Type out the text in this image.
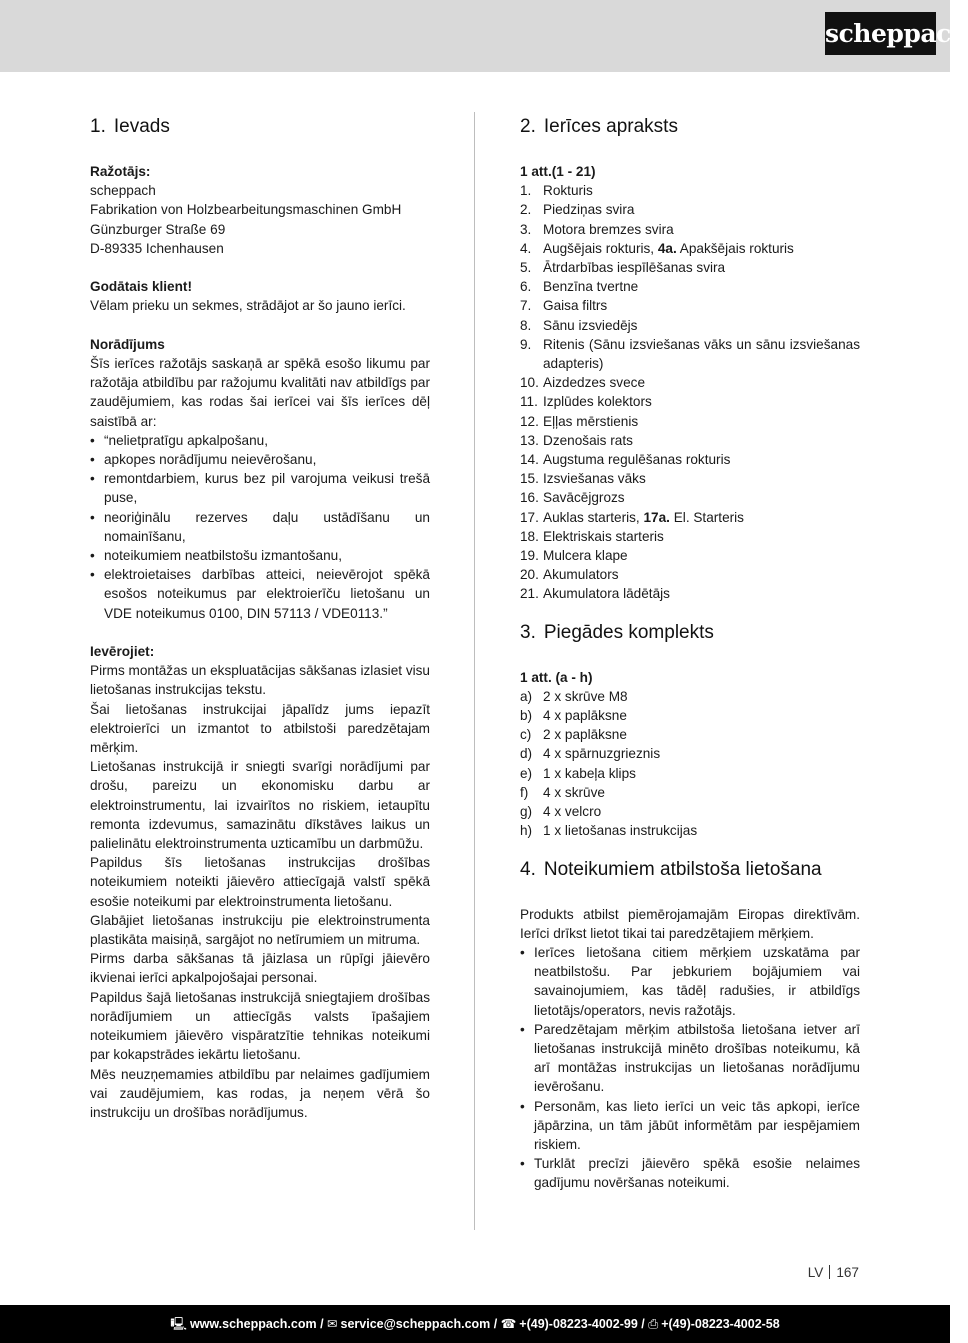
scheppach
1. Ievads

Ražotājs:

scheppach

Fabrikation von Holzbearbeitungsmaschinen GmbH

Günzburger Straße 69

D-89335 Ichenhausen

Godātais klient!

Vēlam prieku un sekmes, strādājot ar šo jauno ierīci.

Norādījums

Šīs ierīces ražotājs saskaņā ar spēkā esošo likumu par ražotāja atbildību par ražojumu kvalitāti nav atbildīgs par zaudējumiem, kas rodas šai ierīcei vai šīs ierīces dēļ saistībā ar:

• “nelietpratīgu apkalpošanu,
• apkopes norādījumu neievērošanu,
• remontdarbiem, kurus bez pil varojuma veikusi trešā puse,
• neoriģinālu rezerves daļu ustādīšanu un nomainīšanu,
• noteikumiem neatbilstošu izmantošanu,
• elektroietaises darbības atteici, neievērojot spēkā esošos noteikumus par elektroierīču lietošanu un VDE noteikumus 0100, DIN 57113 / VDE0113.”

Ievērojiet:

Pirms montāžas un ekspluatācijas sākšanas izlasiet visu lietošanas instrukcijas tekstu.

Šai lietošanas instrukcijai jāpalīdz jums iepazīt elektroierīci un izmantot to atbilstoši paredzētajam mērķim.

Lietošanas instrukcijā ir sniegti svarīgi norādījumi par drošu, pareizu un ekonomisku darbu ar elektroinstrumentu, lai izvairītos no riskiem, ietaupītu remonta izdevumus, samazinātu dīkstāves laikus un palielinātu elektroinstrumenta uzticamību un darbmūžu.

Papildus šīs lietošanas instrukcijas drošības noteikumiem noteikti jāievēro attiecīgajā valstī spēkā esošie noteikumi par elektroinstrumenta lietošanu.

Glabājiet lietošanas instrukciju pie elektroinstrumenta plastikāta maisiņā, sargājot no netīrumiem un mitruma.

Pirms darba sākšanas tā jāizlasa un rūpīgi jāievēro ikvienai ierīci apkalpojošajai personai.

Papildus šajā lietošanas instrukcijā sniegtajiem drošības norādījumiem un attiecīgās valsts īpašajiem noteikumiem jāievēro vispāratzītie tehnikas noteikumi par kokapstrādes iekārtu lietošanu.

Mēs neuzņemamies atbildību par nelaimes gadījumiem vai zaudējumiem, kas rodas, ja neņem vērā šo instrukciju un drošības norādījumus.

2. Ierīces apraksts

1 att.(1 - 21)

1. Rokturis
2. Piedziņas svira
3. Motora bremzes svira
4. Augšējais rokturis, 4a. Apakšējais rokturis
5. Ātrdarbības iespīlēšanas svira
6. Benzīna tvertne
7. Gaisa filtrs
8. Sānu izsviedējs
9. Ritenis (Sānu izsviešanas vāks un sānu izsviešanas adapteris)
10. Aizdedzes svece
11. Izplūdes kolektors
12. Eļļas mērstienis
13. Dzenošais rats
14. Augstuma regulēšanas rokturis
15. Izsviešanas vāks
16. Savācējgrozs
17. Auklas starteris, 17a. El. Starteris
18. Elektriskais starteris
19. Mulcera klape
20. Akumulators
21. Akumulatora lādētājs
3. Piegādes komplekts

1 att. (a - h)

a) 2 x skrūve M8
b) 4 x paplāksne
c) 2 x paplāksne
d) 4 x spārnuzgrieznis
e) 1 x kabeļa klips
f) 4 x skrūve
g) 4 x velcro
h) 1 x lietošanas instrukcijas
4. Noteikumiem atbilstoša lietošana

Produkts atbilst piemērojamajām Eiropas direktīvām. Ierīci drīkst lietot tikai tai paredzētajiem mērķiem.

• Ierīces lietošana citiem mērķiem uzskatāma par neatbilstošu. Par jebkuriem bojājumiem vai savainojumiem, kas tādēļ radušies, ir atbildīgs lietotājs/operators, nevis ražotājs.
• Paredzētajam mērķim atbilstoša lietošana ietver arī lietošanas instrukcijā minēto drošības noteikumu, kā arī montāžas instrukcijas un lietošanas norādījumu ievērošanu.
• Personām, kas lieto ierīci un veic tās apkopi, ierīce jāpārzina, un tām jābūt informētām par iespējamiem riskiem.
• Turklāt precīzi jāievēro spēkā esošie nelaimes gadījumu novēršanas noteikumi.
LV 167
🖳 www.scheppach.com / ✉ service@scheppach.com / ☎ +(49)-08223-4002-99 / ⎙ +(49)-08223-4002-58
